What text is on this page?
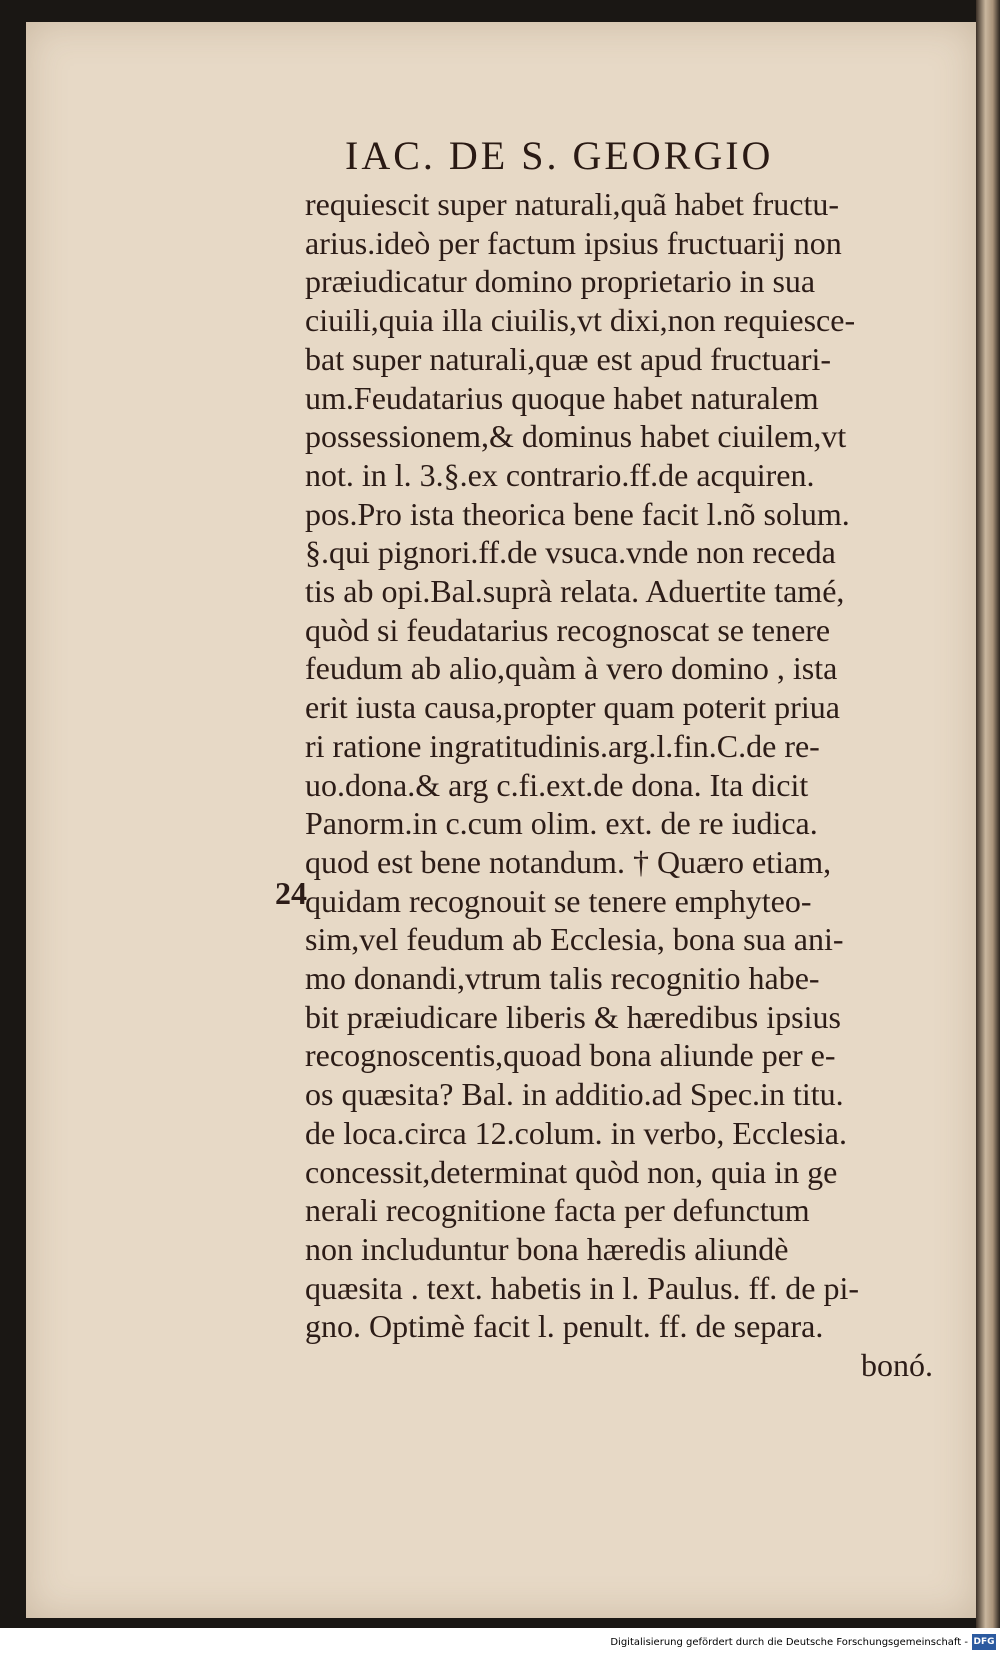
IAC. DE S. GEORGIO
24
requiescit super naturali,quã habet fructu-
arius.ideò per factum ipsius fructuarij non
præiudicatur domino proprietario in sua
ciuili,quia illa ciuilis,vt dixi,non requiesce-
bat super naturali,quæ est apud fructuari-
um.Feudatarius quoque habet naturalem
possessionem,& dominus habet ciuilem,vt
not. in l. 3.§.ex contrario.ff.de acquiren.
pos.Pro ista theorica bene facit l.nõ solum.
§.qui pignori.ff.de vsuca.vnde non receda
tis ab opi.Bal.suprà relata. Aduertite tamé,
quòd si feudatarius recognoscat se tenere
feudum ab alio,quàm à vero domino , ista
erit iusta causa,propter quam poterit priua
ri ratione ingratitudinis.arg.l.fin.C.de re-
uo.dona.& arg c.fi.ext.de dona. Ita dicit
Panorm.in c.cum olim. ext. de re iudica.
quod est bene notandum. † Quæro etiam,
quidam recognouit se tenere emphyteo-
sim,vel feudum ab Ecclesia, bona sua ani-
mo donandi,vtrum talis recognitio habe-
bit præiudicare liberis & hæredibus ipsius
recognoscentis,quoad bona aliunde per e-
os quæsita? Bal. in additio.ad Spec.in titu.
de loca.circa 12.colum. in verbo, Ecclesia.
concessit,determinat quòd non, quia in ge
nerali recognitione facta per defunctum
non includuntur bona hæredis aliundè
quæsita . text. habetis in l. Paulus. ff. de pi-
gno. Optimè facit l. penult. ff. de separa.
bonó.
Digitalisierung gefördert durch die Deutsche Forschungsgemeinschaft - DFG
